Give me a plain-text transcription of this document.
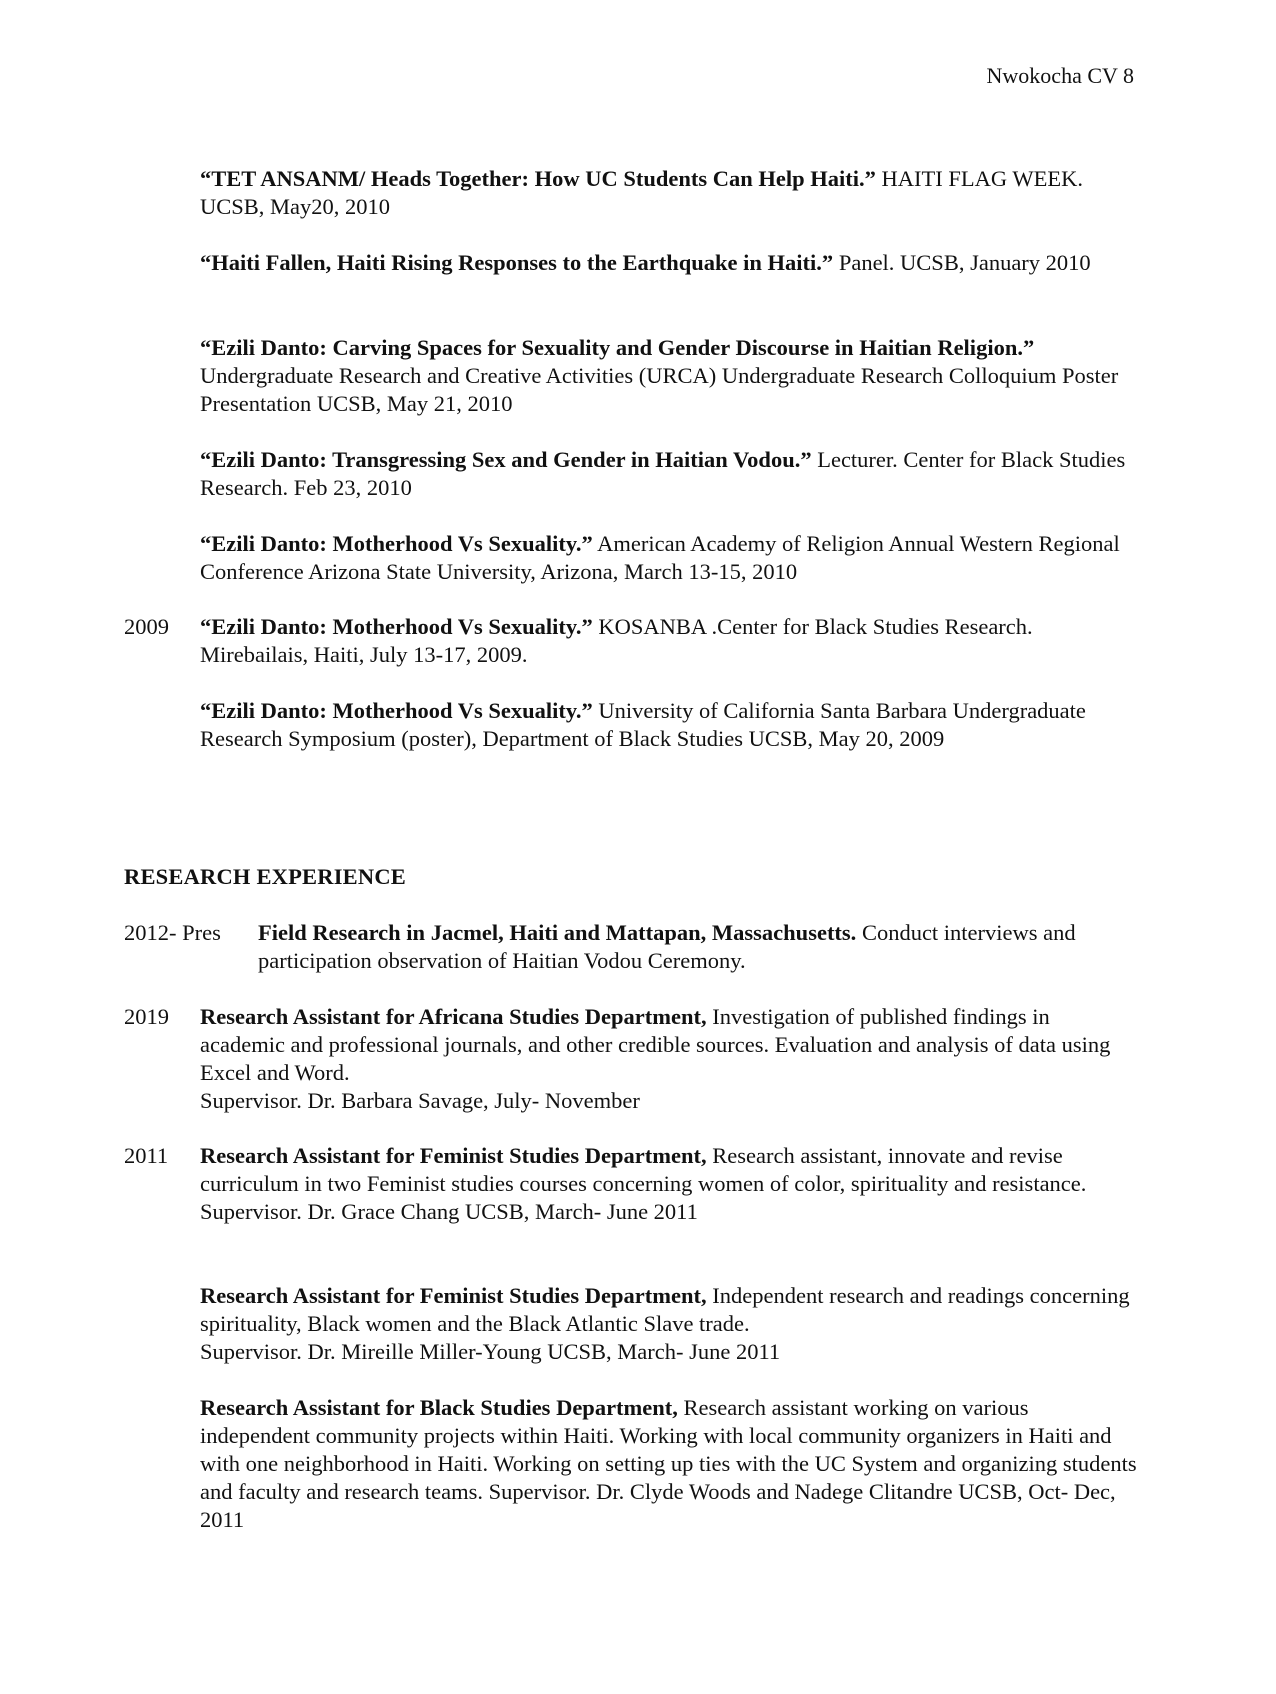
Nwokocha CV 8
“TET ANSANM/ Heads Together: How UC Students Can Help Haiti.” HAITI FLAG WEEK. UCSB, May20, 2010
“Haiti Fallen, Haiti Rising Responses to the Earthquake in Haiti.” Panel. UCSB, January 2010
“Ezili Danto: Carving Spaces for Sexuality and Gender Discourse in Haitian Religion.” Undergraduate Research and Creative Activities (URCA) Undergraduate Research Colloquium Poster Presentation UCSB, May 21, 2010
“Ezili Danto: Transgressing Sex and Gender in Haitian Vodou.” Lecturer. Center for Black Studies Research. Feb 23, 2010
“Ezili Danto: Motherhood Vs Sexuality.” American Academy of Religion Annual Western Regional Conference Arizona State University, Arizona, March 13-15, 2010
2009 “Ezili Danto: Motherhood Vs Sexuality.” KOSANBA .Center for Black Studies Research. Mirebailais, Haiti, July 13-17, 2009.
“Ezili Danto: Motherhood Vs Sexuality.” University of California Santa Barbara Undergraduate Research Symposium (poster), Department of Black Studies UCSB, May 20, 2009
RESEARCH EXPERIENCE
2012- Pres Field Research in Jacmel, Haiti and Mattapan, Massachusetts. Conduct interviews and participation observation of Haitian Vodou Ceremony.
2019 Research Assistant for Africana Studies Department, Investigation of published findings in academic and professional journals, and other credible sources. Evaluation and analysis of data using Excel and Word.
Supervisor. Dr. Barbara Savage, July- November
2011 Research Assistant for Feminist Studies Department, Research assistant, innovate and revise curriculum in two Feminist studies courses concerning women of color, spirituality and resistance.
Supervisor. Dr. Grace Chang UCSB, March- June 2011
Research Assistant for Feminist Studies Department, Independent research and readings concerning spirituality, Black women and the Black Atlantic Slave trade.
Supervisor. Dr. Mireille Miller-Young UCSB, March- June 2011
Research Assistant for Black Studies Department, Research assistant working on various independent community projects within Haiti. Working with local community organizers in Haiti and with one neighborhood in Haiti. Working on setting up ties with the UC System and organizing students and faculty and research teams. Supervisor. Dr. Clyde Woods and Nadege Clitandre UCSB, Oct- Dec, 2011
